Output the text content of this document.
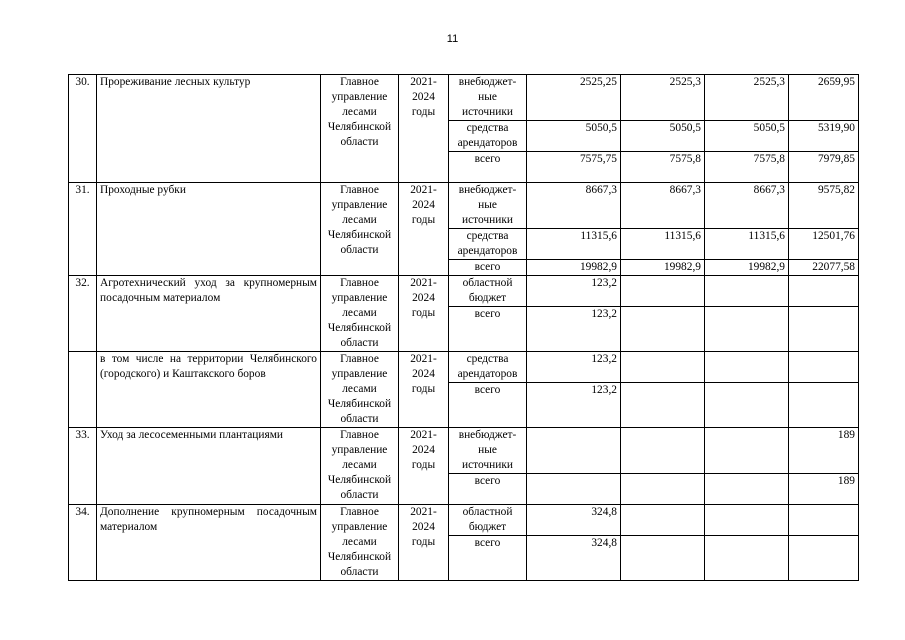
11
30.	Прореживание лесных культур	Главное управление лесами Челябинской области	2021-2024 годы	внебюджет-ные источники	2525,25	2525,3	2525,3	2659,95
				средства арендаторов	5050,5	5050,5	5050,5	5319,90
				всего	7575,75	7575,8	7575,8	7979,85
31.	Проходные рубки	Главное управление лесами Челябинской области	2021-2024 годы	внебюджет-ные источники	8667,3	8667,3	8667,3	9575,82
				средства арендаторов	11315,6	11315,6	11315,6	12501,76
				всего	19982,9	19982,9	19982,9	22077,58
32.	Агротехнический уход за крупномерным посадочным материалом	Главное управление лесами Челябинской области	2021-2024 годы	областной бюджет	123,2			
				всего	123,2			
	в том числе на территории Челябинского (городского) и Каштакского боров	Главное управление лесами Челябинской области	2021-2024 годы	средства арендаторов	123,2			
				всего	123,2			
33.	Уход за лесосеменными плантациями	Главное управление лесами Челябинской области	2021-2024 годы	внебюджет-ные источники				189
				всего				189
34.	Дополнение крупномерным посадочным материалом	Главное управление лесами Челябинской области	2021-2024 годы	областной бюджет	324,8			
				всего	324,8			
